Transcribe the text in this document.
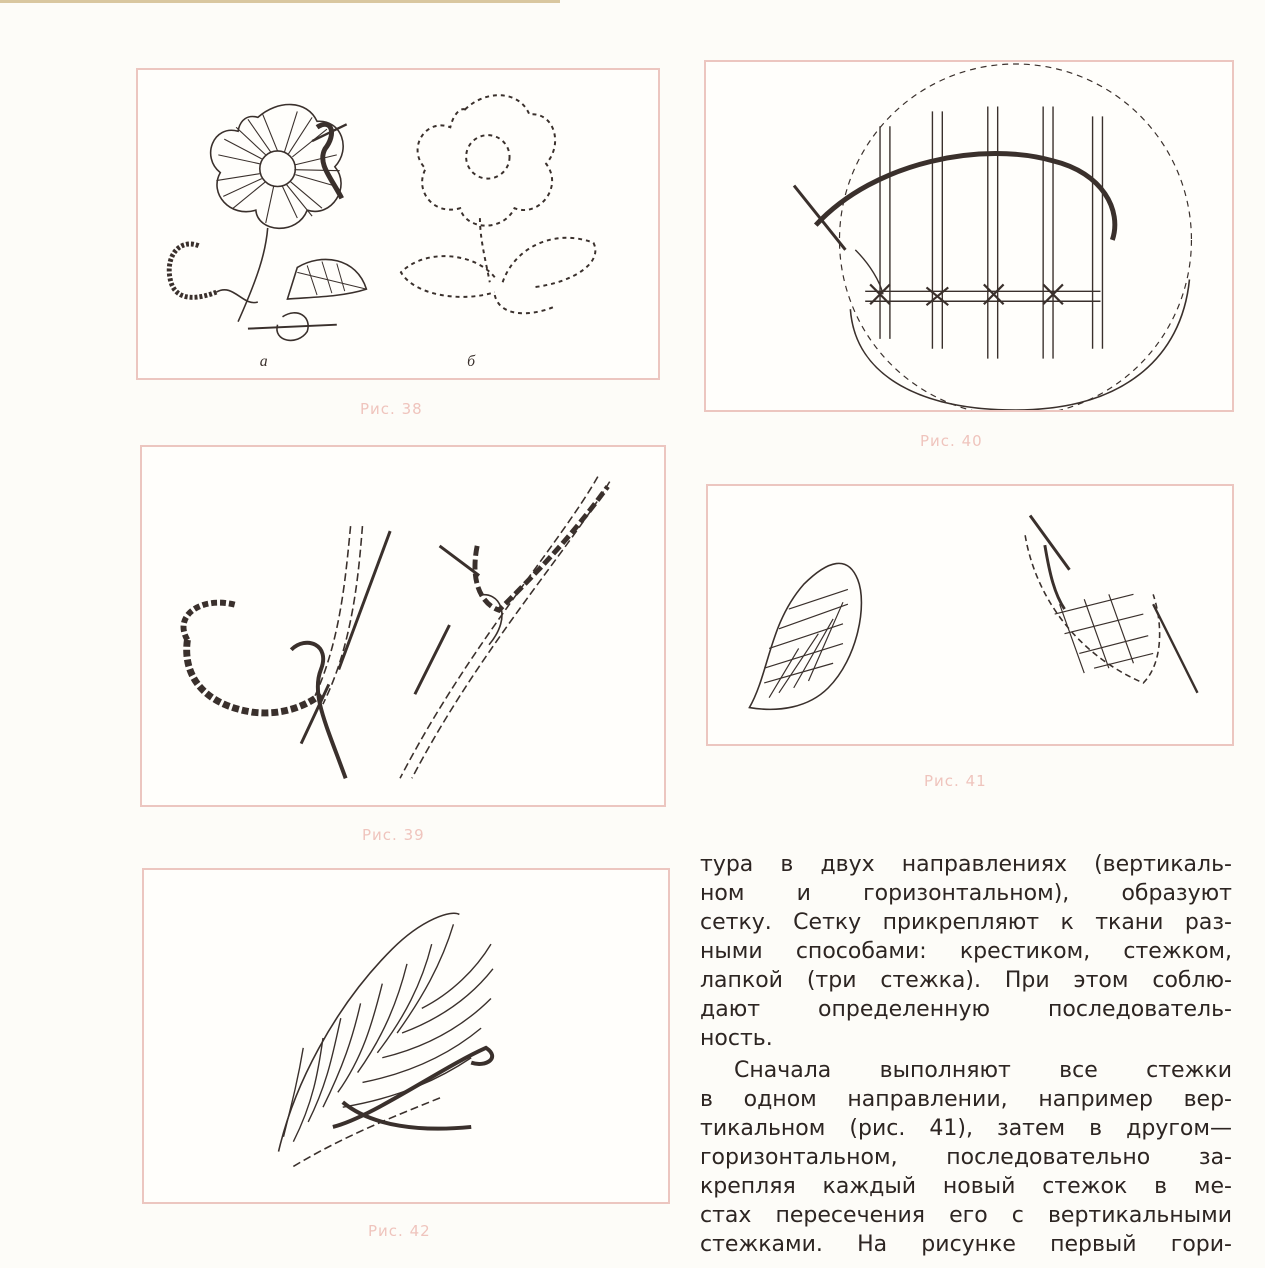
а	б
Рис. 38
Рис. 40
Рис. 39
Рис. 41
Рис. 42

тура в двух направлениях (вертикаль-
ном и горизонтальном), образуют
сетку. Сетку прикрепляют к ткани раз-
ными способами: крестиком, стежком,
лапкой (три стежка). При этом соблю-
дают определенную последователь-
ность.

Сначала выполняют все стежки
в одном направлении, например вер-
тикальном (рис. 41), затем в другом—
горизонтальном, последовательно за-
крепляя каждый новый стежок в ме-
стах пересечения его с вертикальными
стежками. На рисунке первый гори-
